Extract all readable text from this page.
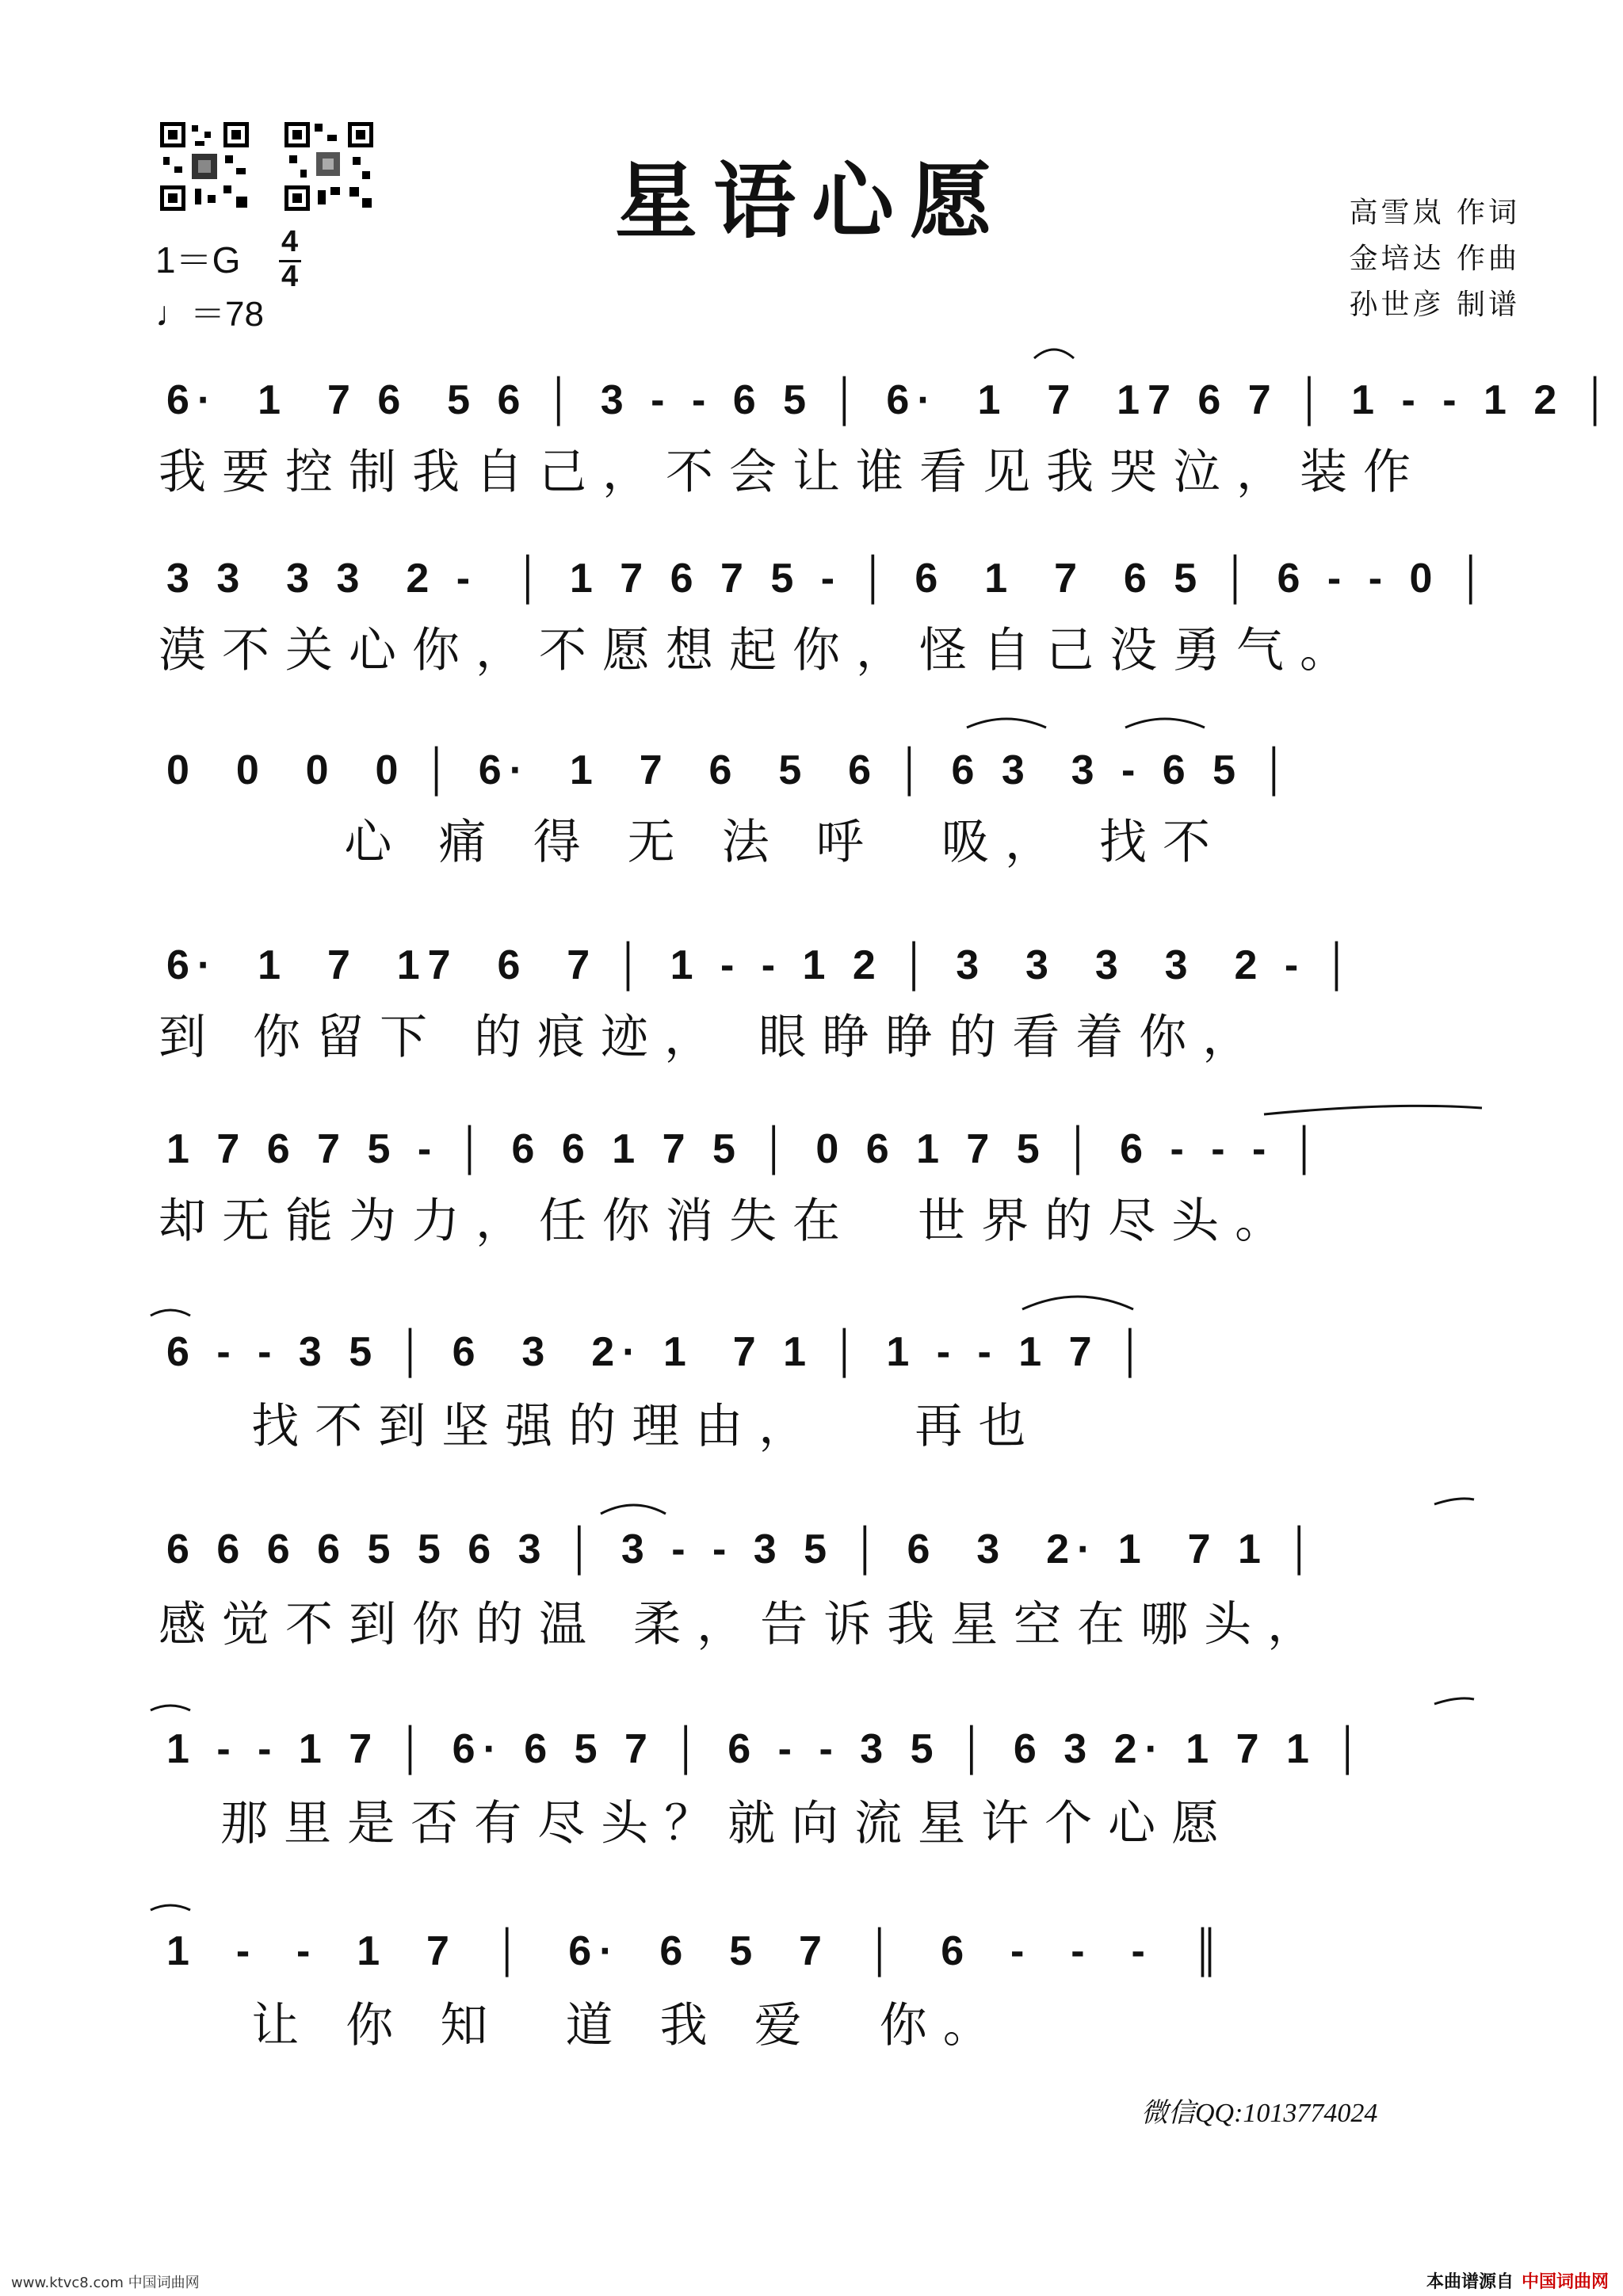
星语心愿	高雪岚 作词
金培达 作曲
孙世彦 制谱
1＝G 4
4
♩＝78
6·  1  7 6  5 6 │ 3 - - 6 5 │ 6·  1  7  17 6 7 │ 1 - - 1 2 │
我要控制我自己，不会让谁看见我哭泣，装作
3 3  3 3  2 -  │ 1 7 6 7 5 - │ 6  1  7  6 5 │ 6 - - 0 │
漠不关心你，不愿想起你，怪自己没勇气。
0  0  0  0 │ 6·  1  7  6  5  6 │ 6 3  3 - 6 5 │
心 痛 得 无 法 呼  吸， 找不
6·  1  7  17  6  7 │ 1 - - 1 2 │ 3  3  3  3  2 - │
到 你留下 的痕迹， 眼睁睁的看着你，
1 7 6 7 5 - │ 6 6 1 7 5 │ 0 6 1 7 5 │ 6 - - - │
却无能为力，任你消失在  世界的尽头。
6 - - 3 5 │ 6  3  2· 1  7 1 │ 1 - - 1 7 │
找不到坚强的理由，   再也
6 6 6 6 5 5 6 3 │ 3 - - 3 5 │ 6  3  2· 1  7 1 │
感觉不到你的温 柔，告诉我星空在哪头，
1 - - 1 7 │ 6· 6 5 7 │ 6 - - 3 5 │ 6 3 2· 1 7 1 │
那里是否有尽头？就向流星许个心愿
1  -  -  1  7  │  6·  6  5  7  │  6  -  -  -  ║
让 你 知  道 我 爱  你。
微信QQ:1013774024
www.ktvc8.com 中国词曲网	本曲谱源自 中国词曲网
